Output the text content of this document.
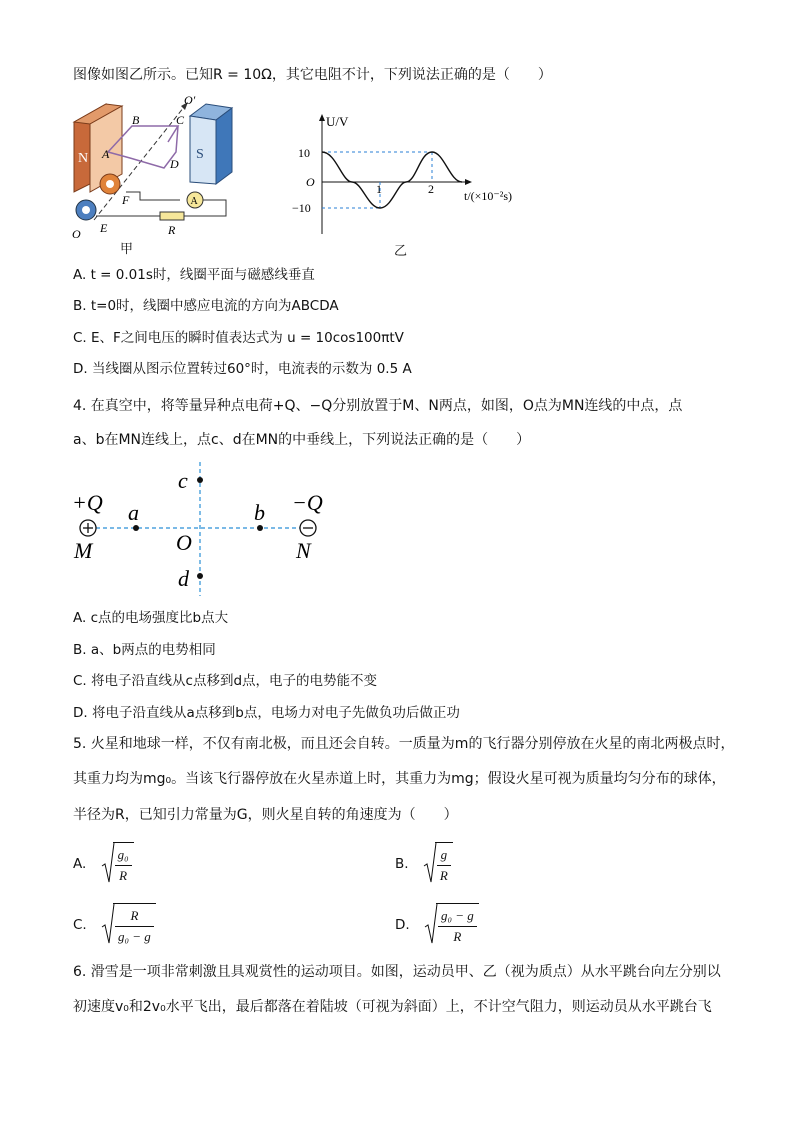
图像如图乙所示。已知R = 10Ω，其它电阻不计，下列说法正确的是（　　）
N	S
O′
B	C
A
D
F
E
O
A
R
甲
U/V
t/(×10⁻²s)
O
10
−10
1	2
乙
A. t = 0.01s时，线圈平面与磁感线垂直
B. t=0时，线圈中感应电流的方向为ABCDA
C. E、F之间电压的瞬时值表达式为 u = 10cos100πtV
D. 当线圈从图示位置转过60°时，电流表的示数为 0.5 A
4. 在真空中，将等量异种点电荷+Q、−Q分别放置于M、N两点，如图，O点为MN连线的中点，点
a、b在MN连线上，点c、d在MN的中垂线上，下列说法正确的是（　　）
+Q	−Q
M	N
O
a	b
c
d
A. c点的电场强度比b点大
B. a、b两点的电势相同
C. 将电子沿直线从c点移到d点，电子的电势能不变
D. 将电子沿直线从a点移到b点，电场力对电子先做负功后做正功
5. 火星和地球一样，不仅有南北极，而且还会自转。一质量为m的飞行器分别停放在火星的南北两极点时，
其重力均为mg₀。当该飞行器停放在火星赤道上时，其重力为mg；假设火星可视为质量均匀分布的球体，
半径为R，已知引力常量为G，则火星自转的角速度为（　　）
A. $\frac{\text{g₀}}{R}$	B. $\frac{g}{R}$
C. $\frac{R}{\text{g₀ − g}}$	D. $\frac{\text{g₀ − g}}{R}$
6. 滑雪是一项非常刺激且具观赏性的运动项目。如图，运动员甲、乙（视为质点）从水平跳台向左分别以
初速度v₀和2v₀水平飞出，最后都落在着陆坡（可视为斜面）上，不计空气阻力，则运动员从水平跳台飞
